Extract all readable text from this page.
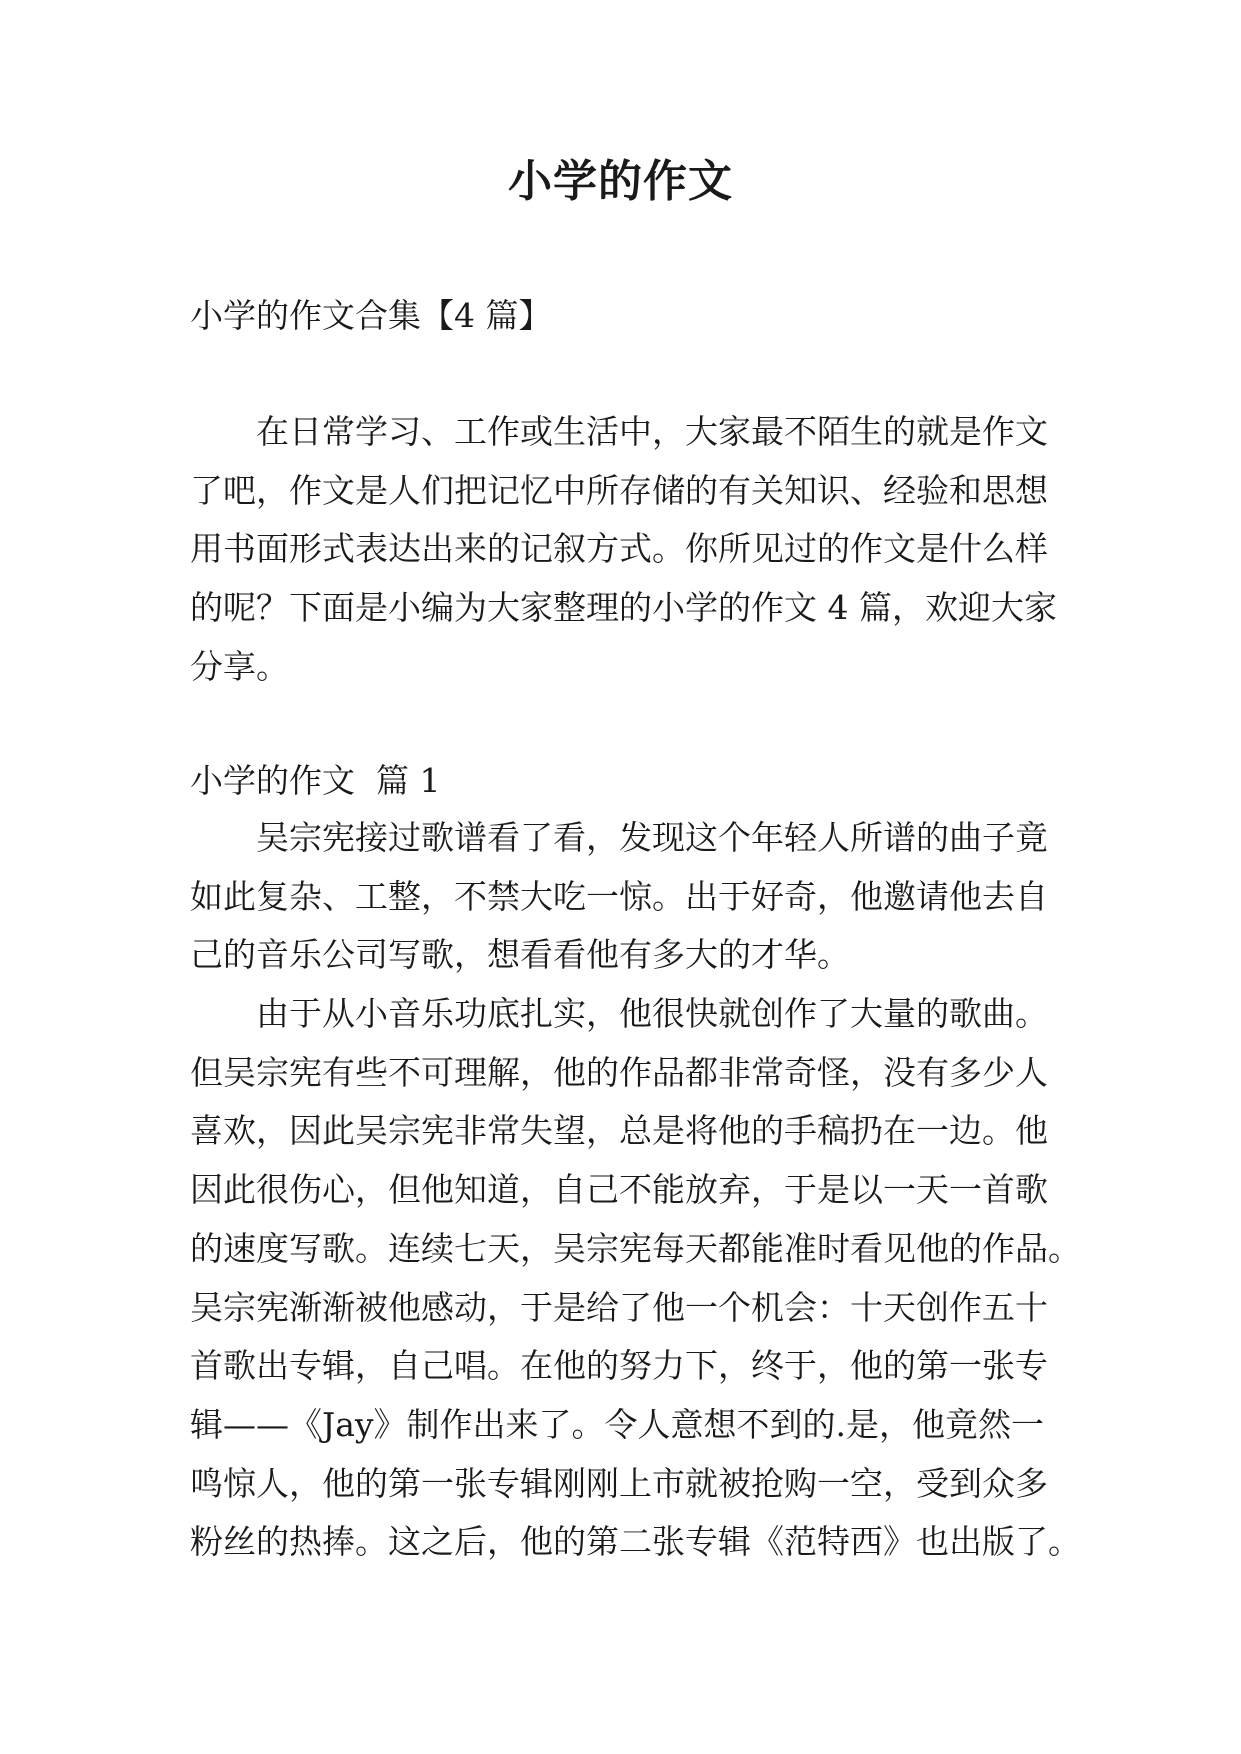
小学的作文
小学的作文合集【4 篇】
在日常学习、工作或生活中，大家最不陌生的就是作文
了吧，作文是人们把记忆中所存储的有关知识、经验和思想
用书面形式表达出来的记叙方式。你所见过的作文是什么样
的呢？下面是小编为大家整理的小学的作文 4 篇，欢迎大家
分享。
小学的作文  篇 1
吴宗宪接过歌谱看了看，发现这个年轻人所谱的曲子竟
如此复杂、工整，不禁大吃一惊。出于好奇，他邀请他去自
己的音乐公司写歌，想看看他有多大的才华。
由于从小音乐功底扎实，他很快就创作了大量的歌曲。
但吴宗宪有些不可理解，他的作品都非常奇怪，没有多少人
喜欢，因此吴宗宪非常失望，总是将他的手稿扔在一边。他
因此很伤心，但他知道，自己不能放弃，于是以一天一首歌
的速度写歌。连续七天，吴宗宪每天都能准时看见他的作品。
吴宗宪渐渐被他感动，于是给了他一个机会：十天创作五十
首歌出专辑，自己唱。在他的努力下，终于，他的第一张专
辑——《Jay》制作出来了。令人意想不到的.是，他竟然一
鸣惊人，他的第一张专辑刚刚上市就被抢购一空，受到众多
粉丝的热捧。这之后，他的第二张专辑《范特西》也出版了。
